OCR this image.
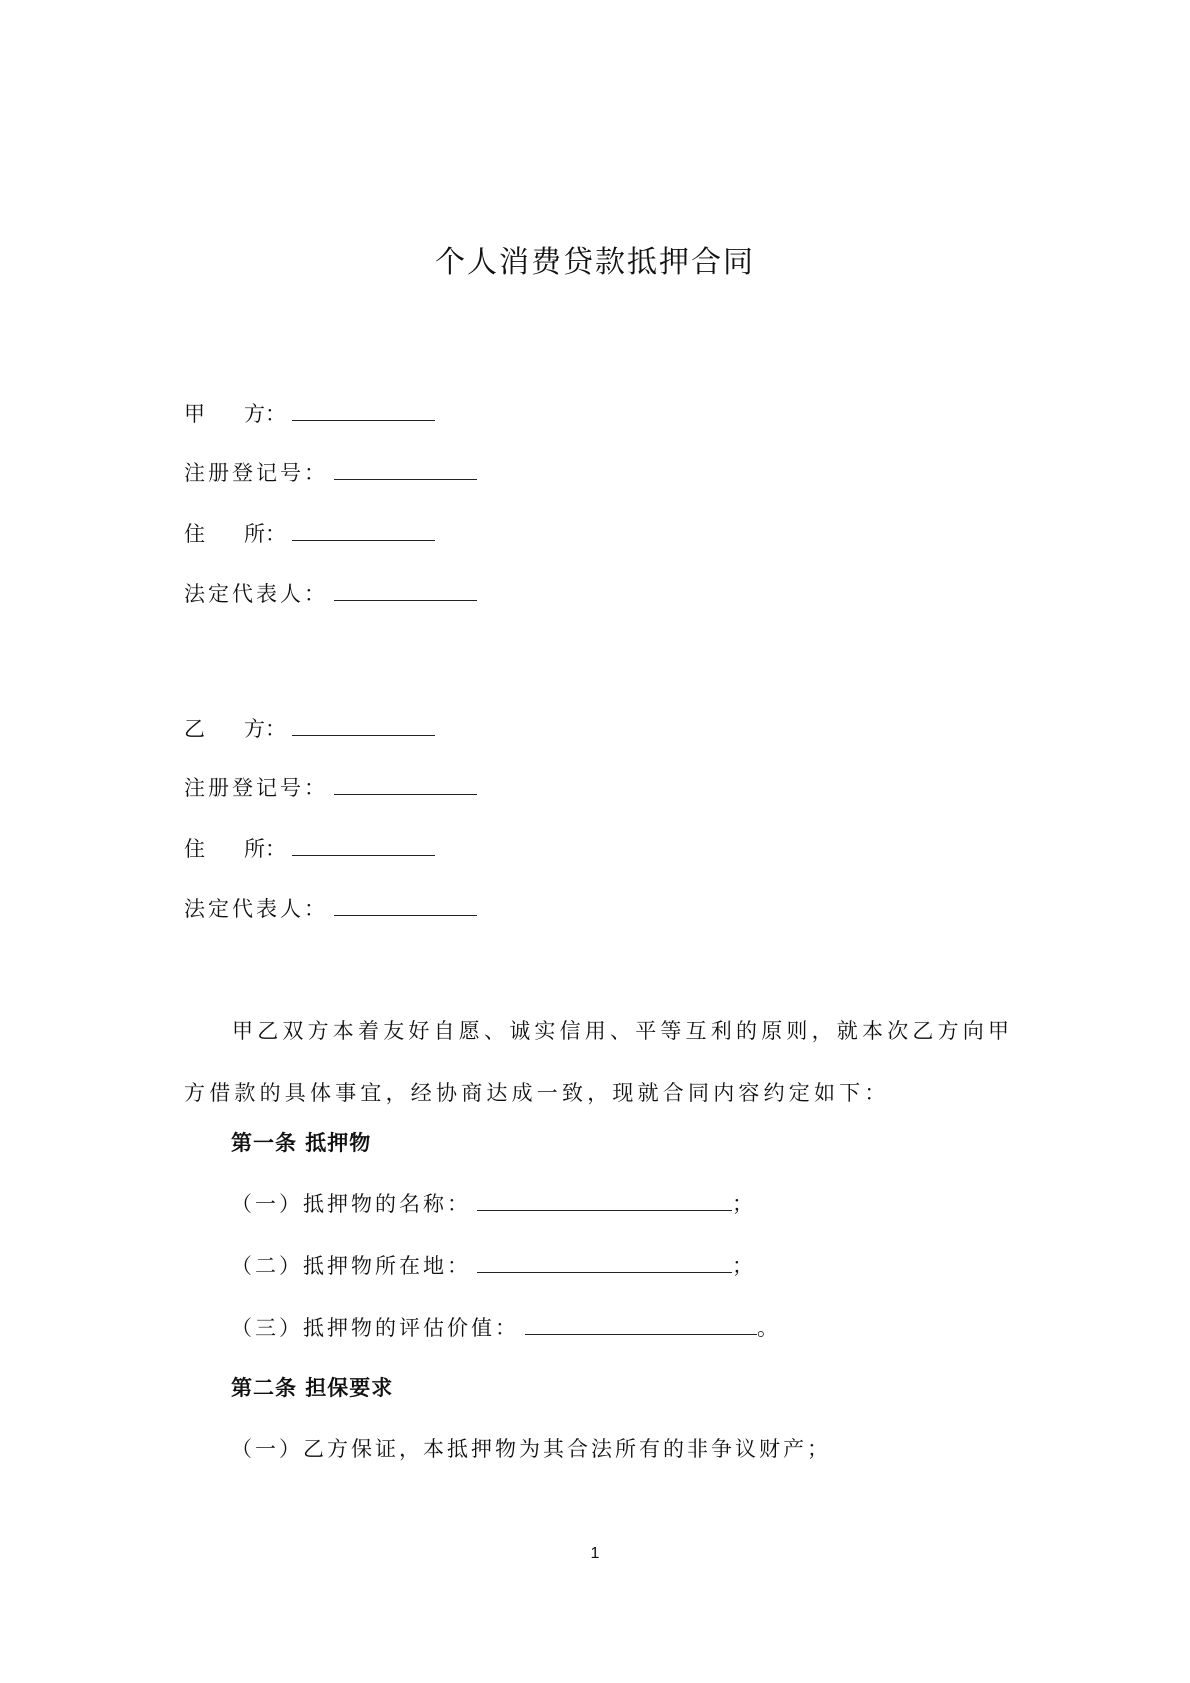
个人消费贷款抵押合同
甲 方：
注册登记号：
住 所：
法定代表人：
乙 方：
注册登记号：
住 所：
法定代表人：
甲乙双方本着友好自愿、诚实信用、平等互利的原则，就本次乙方向甲方借款的具体事宜，经协商达成一致，现就合同内容约定如下：
第一条 抵押物
（一）抵押物的名称：	；
（二）抵押物所在地：	；
（三）抵押物的评估价值：	。
第二条 担保要求
（一）乙方保证，本抵押物为其合法所有的非争议财产；
1
